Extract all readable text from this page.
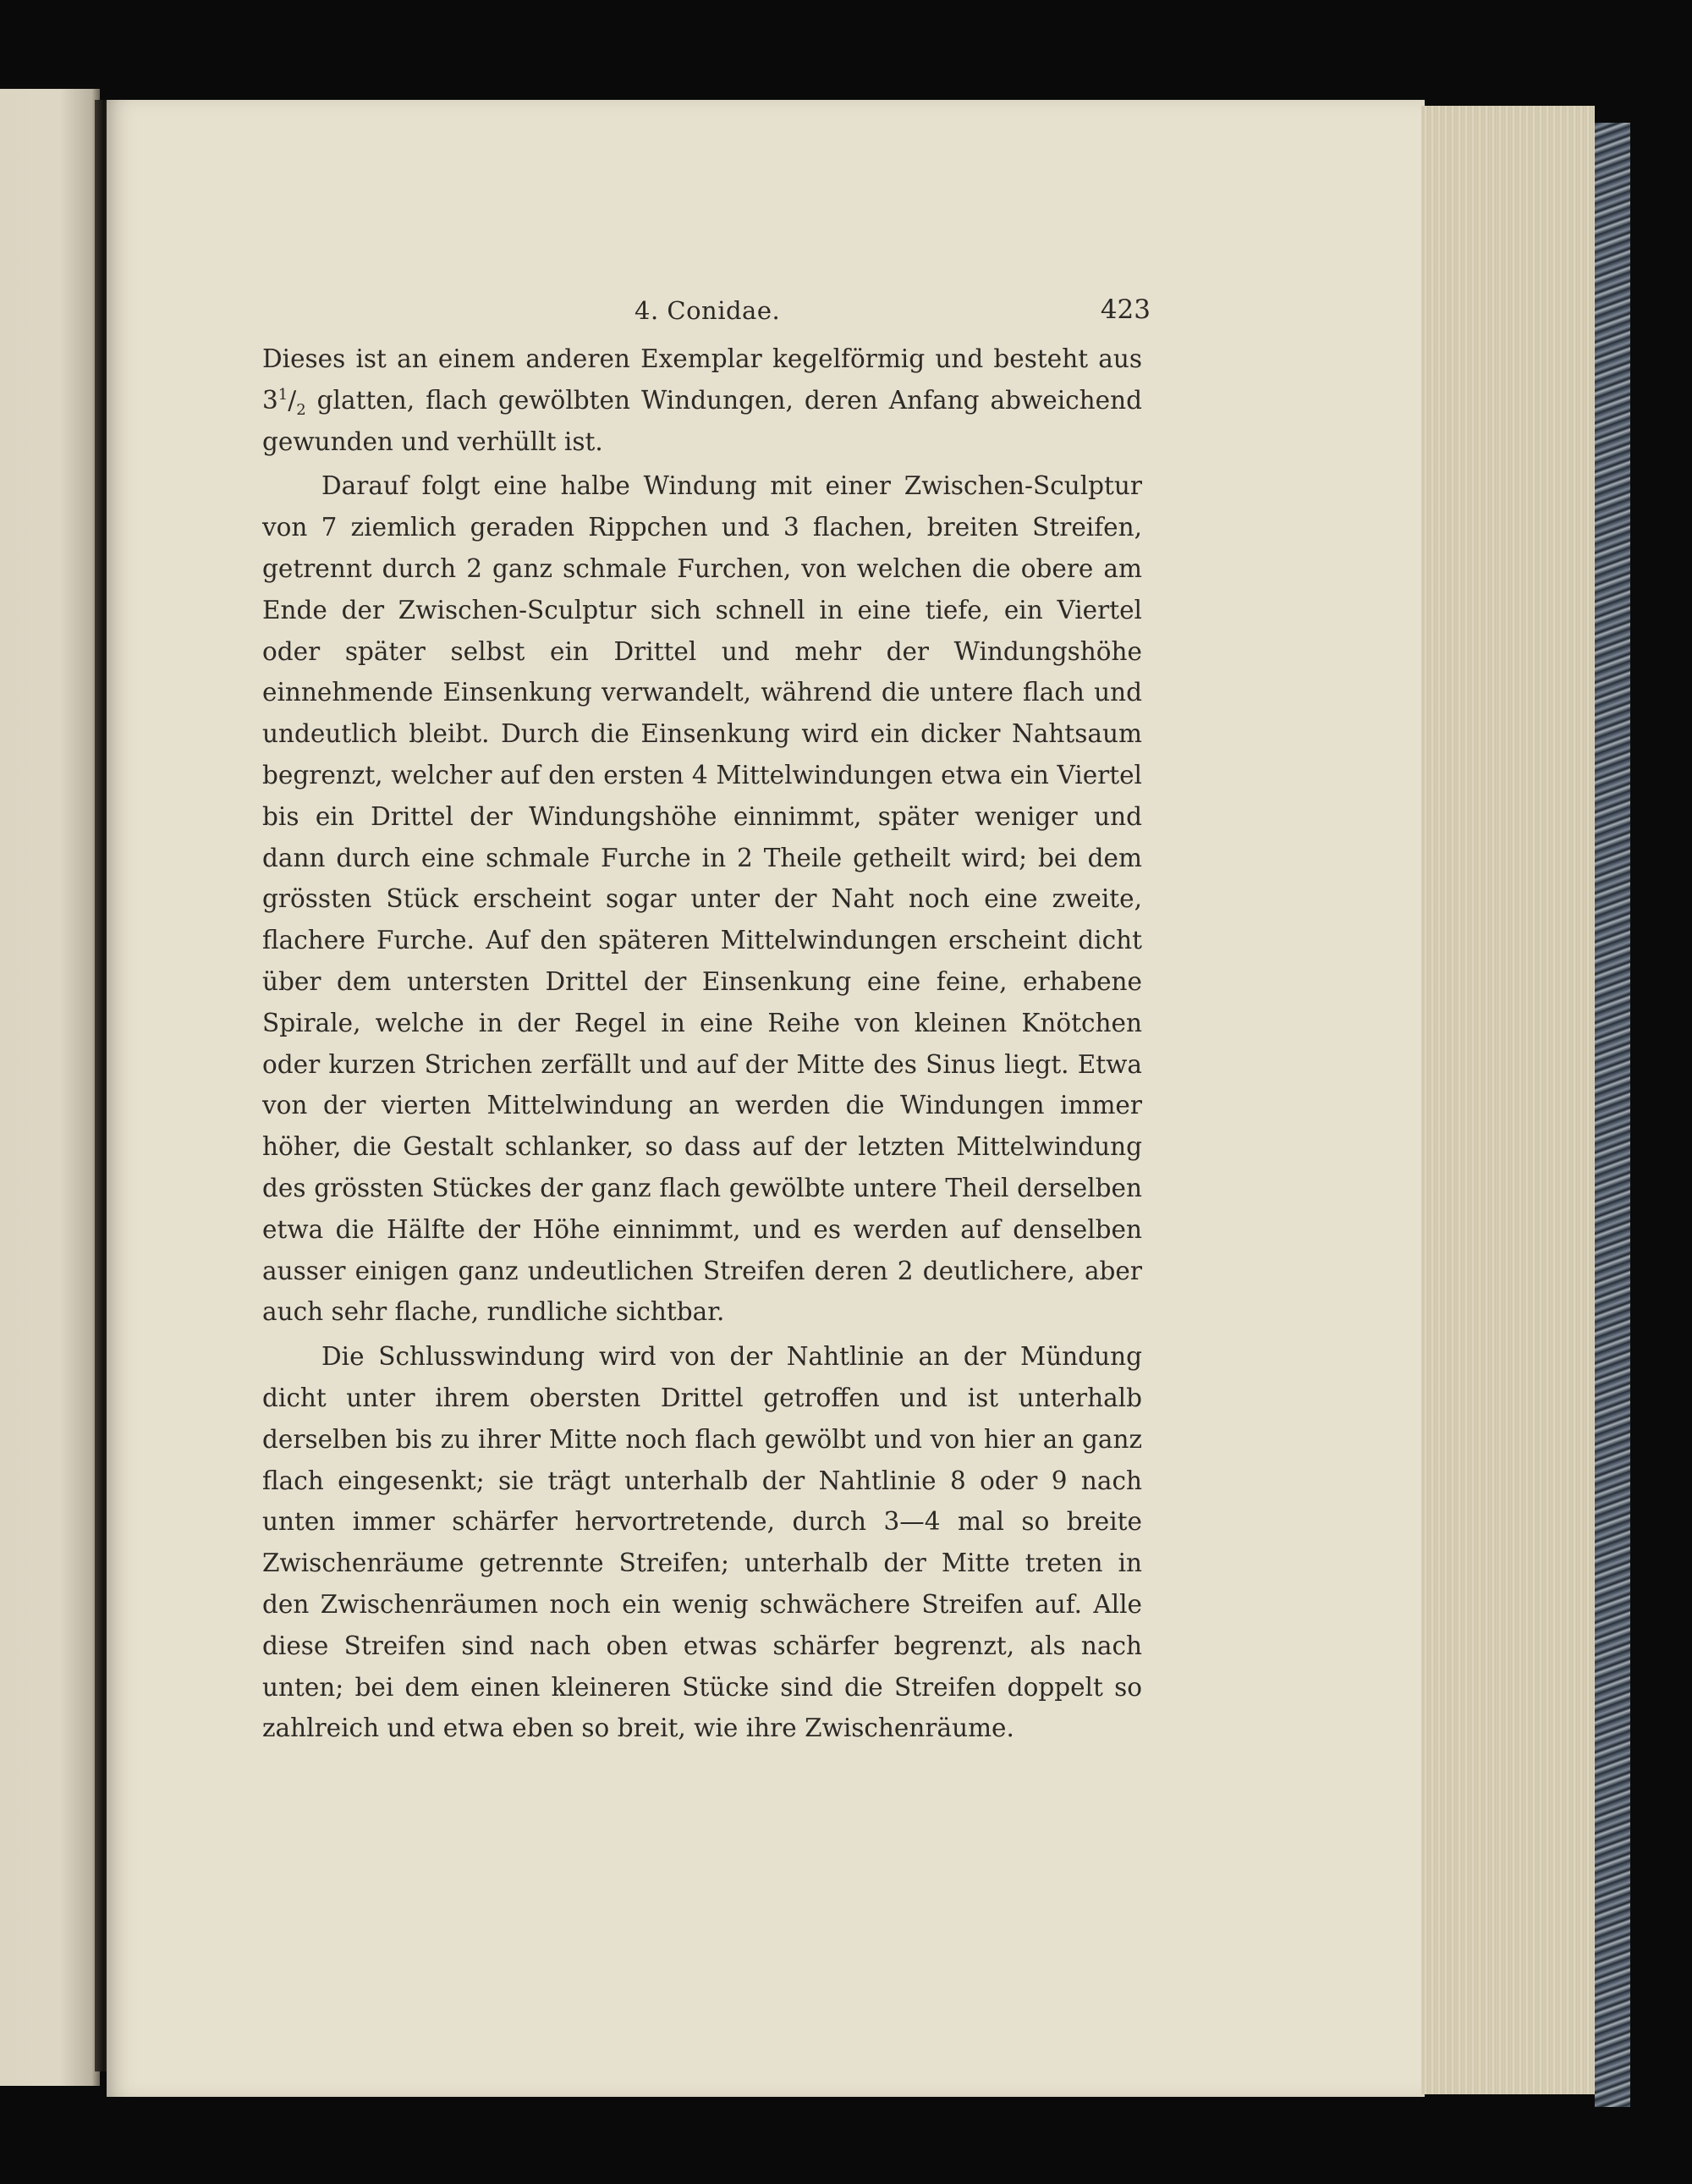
4. Conidae.	423

Dieses ist an einem anderen Exemplar kegelförmig und besteht aus $3^1/_2$ glatten, flach gewölbten Windungen, deren Anfang abweichend gewunden und verhüllt ist.

Darauf folgt eine halbe Windung mit einer Zwischen-Sculptur von 7 ziemlich geraden Rippchen und 3 flachen, breiten Streifen, getrennt durch 2 ganz schmale Furchen, von welchen die obere am Ende der Zwischen-Sculptur sich schnell in eine tiefe, ein Viertel oder später selbst ein Drittel und mehr der Windungshöhe einnehmende Einsenkung verwandelt, während die untere flach und undeutlich bleibt. Durch die Einsenkung wird ein dicker Nahtsaum begrenzt, welcher auf den ersten 4 Mittelwindungen etwa ein Viertel bis ein Drittel der Windungshöhe einnimmt, später weniger und dann durch eine schmale Furche in 2 Theile getheilt wird; bei dem grössten Stück erscheint sogar unter der Naht noch eine zweite, flachere Furche. Auf den späteren Mittelwindungen erscheint dicht über dem untersten Drittel der Einsenkung eine feine, erhabene Spirale, welche in der Regel in eine Reihe von kleinen Knötchen oder kurzen Strichen zerfällt und auf der Mitte des Sinus liegt. Etwa von der vierten Mittelwindung an werden die Windungen immer höher, die Gestalt schlanker, so dass auf der letzten Mittelwindung des grössten Stückes der ganz flach gewölbte untere Theil derselben etwa die Hälfte der Höhe einnimmt, und es werden auf denselben ausser einigen ganz undeutlichen Streifen deren 2 deutlichere, aber auch sehr flache, rundliche sichtbar.

Die Schlusswindung wird von der Nahtlinie an der Mündung dicht unter ihrem obersten Drittel getroffen und ist unterhalb derselben bis zu ihrer Mitte noch flach gewölbt und von hier an ganz flach eingesenkt; sie trägt unterhalb der Nahtlinie 8 oder 9 nach unten immer schärfer hervortretende, durch 3—4 mal so breite Zwischenräume getrennte Streifen; unterhalb der Mitte treten in den Zwischenräumen noch ein wenig schwächere Streifen auf. Alle diese Streifen sind nach oben etwas schärfer begrenzt, als nach unten; bei dem einen kleineren Stücke sind die Streifen doppelt so zahlreich und etwa eben so breit, wie ihre Zwischenräume.
